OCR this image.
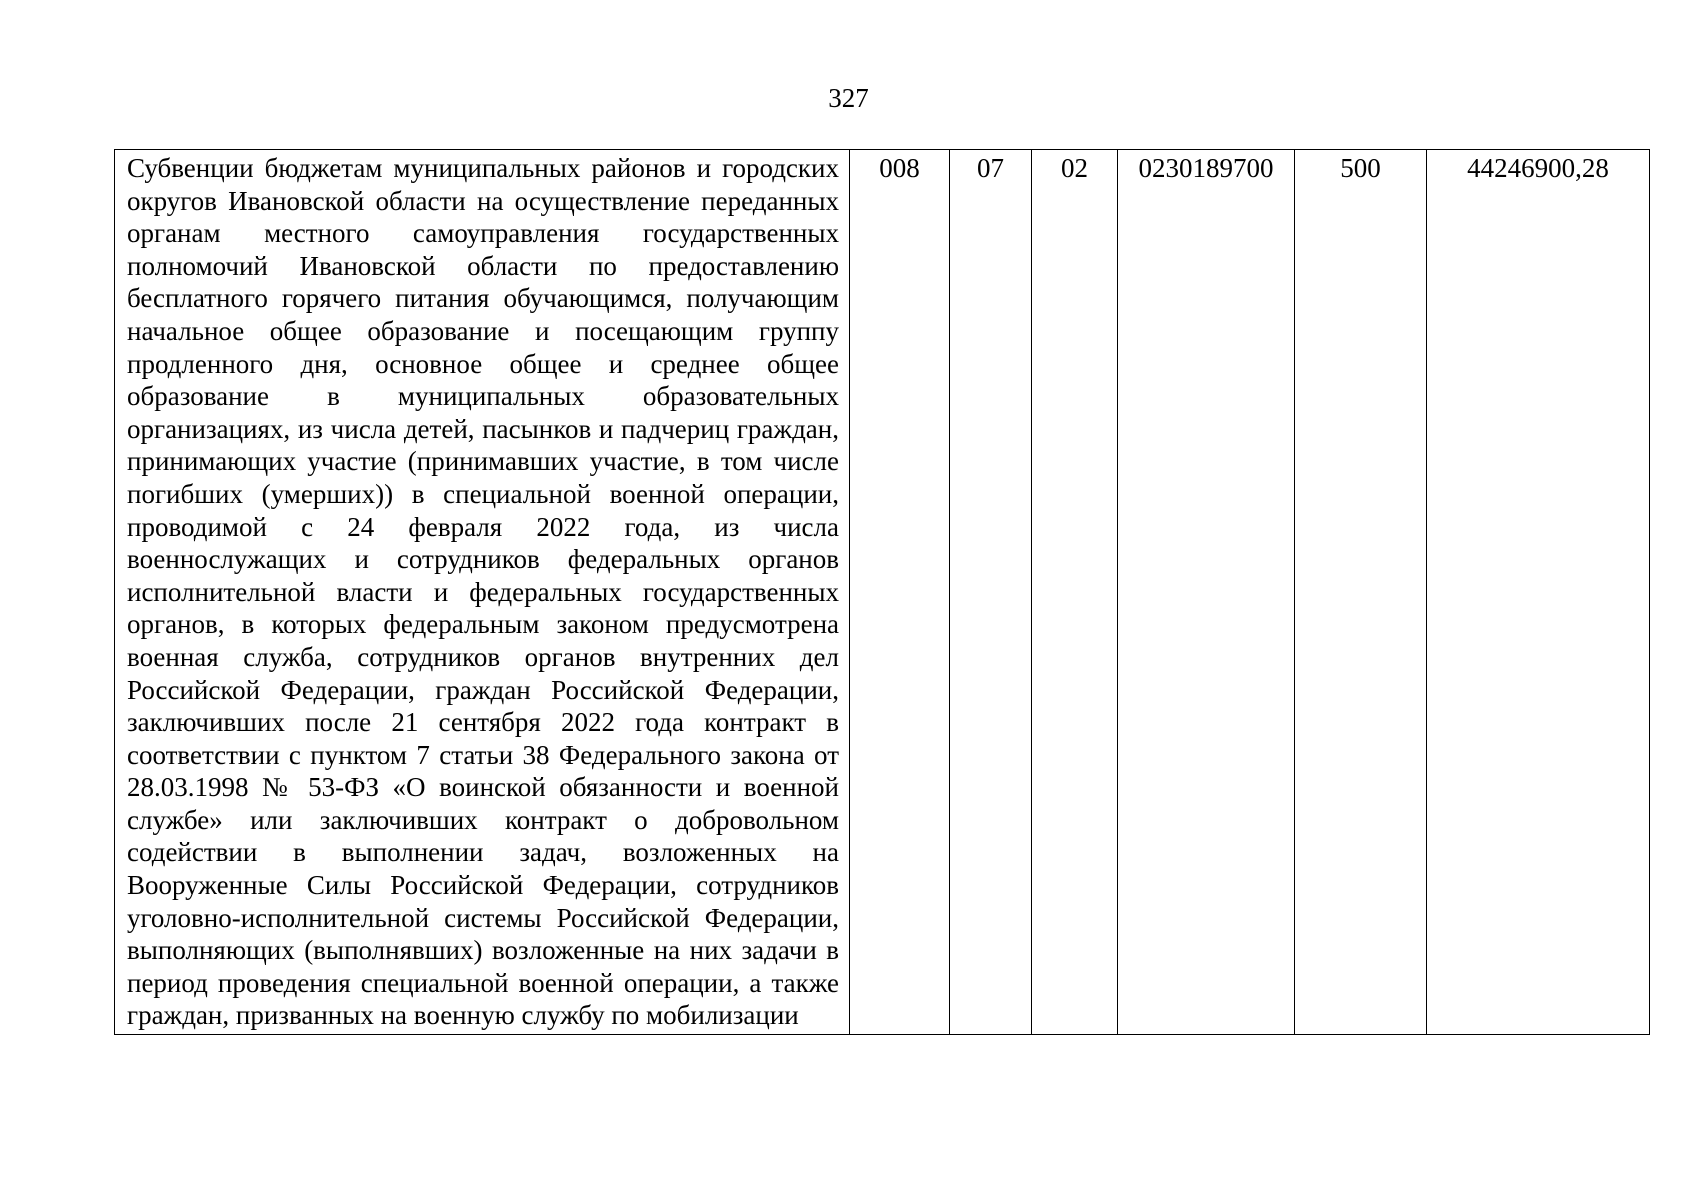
327
Субвенции бюджетам муниципальных районов и городских округов Ивановской области на осуществление переданных органам местного самоуправления государственных полномочий Ивановской области по предоставлению бесплатного горячего питания обучающимся, получающим начальное общее образование и посещающим группу продленного дня, основное общее и среднее общее образование в муниципальных образовательных организациях, из числа детей, пасынков и падчериц граждан, принимающих участие (принимавших участие, в том числе погибших (умерших)) в специальной военной операции, проводимой с 24 февраля 2022 года, из числа военнослужащих и сотрудников федеральных органов исполнительной власти и федеральных государственных органов, в которых федеральным законом предусмотрена военная служба, сотрудников органов внутренних дел Российской Федерации, граждан Российской Федерации, заключивших после 21 сентября 2022 года контракт в соответствии с пунктом 7 статьи 38 Федерального закона от 28.03.1998 № 53-ФЗ «О воинской обязанности и военной службе» или заключивших контракт о добровольном содействии в выполнении задач, возложенных на Вооруженные Силы Российской Федерации, сотрудников уголовно-исполнительной системы Российской Федерации, выполняющих (выполнявших) возложенные на них задачи в период проведения специальной военной операции, а также граждан, призванных на военную службу по мобилизации
	008	07	02	0230189700	500	44246900,28
